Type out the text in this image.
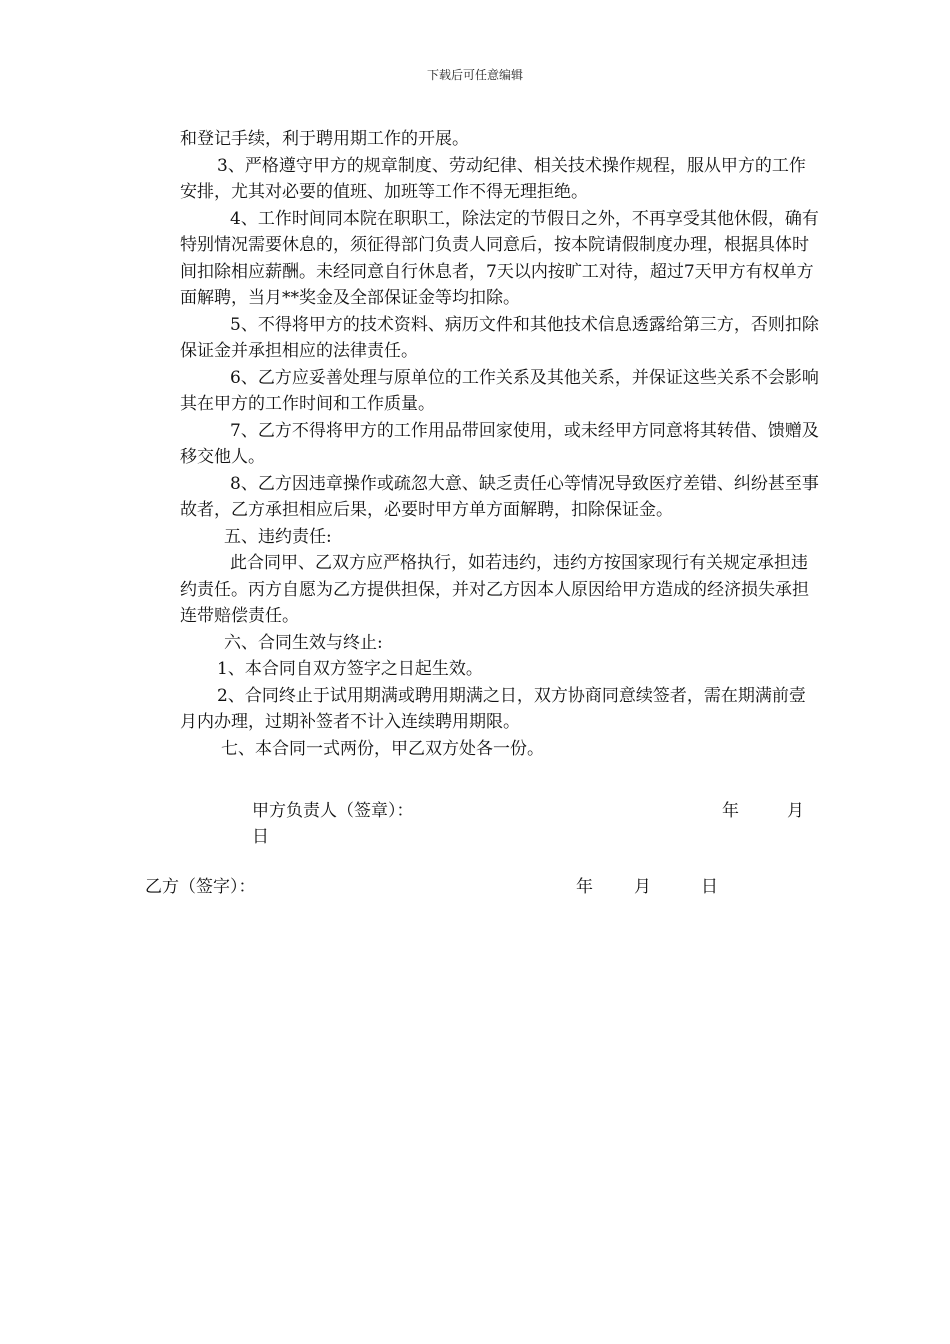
下载后可任意编辑

和登记手续，利于聘用期工作的开展。

3、严格遵守甲方的规章制度、劳动纪律、相关技术操作规程，服从甲方的工作安排，尤其对必要的值班、加班等工作不得无理拒绝。

4、工作时间同本院在职职工，除法定的节假日之外，不再享受其他休假，确有特别情况需要休息的，须征得部门负责人同意后，按本院请假制度办理，根据具体时间扣除相应薪酬。未经同意自行休息者，7天以内按旷工对待，超过7天甲方有权单方面解聘，当月**奖金及全部保证金等均扣除。

5、不得将甲方的技术资料、病历文件和其他技术信息透露给第三方，否则扣除保证金并承担相应的法律责任。

6、乙方应妥善处理与原单位的工作关系及其他关系，并保证这些关系不会影响其在甲方的工作时间和工作质量。

7、乙方不得将甲方的工作用品带回家使用，或未经甲方同意将其转借、馈赠及移交他人。

8、乙方因违章操作或疏忽大意、缺乏责任心等情况导致医疗差错、纠纷甚至事故者，乙方承担相应后果，必要时甲方单方面解聘，扣除保证金。

五、违约责任:

此合同甲、乙双方应严格执行，如若违约，违约方按国家现行有关规定承担违约责任。丙方自愿为乙方提供担保，并对乙方因本人原因给甲方造成的经济损失承担连带赔偿责任。

六、合同生效与终止:

1、本合同自双方签字之日起生效。

2、合同终止于试用期满或聘用期满之日，双方协商同意续签者，需在期满前壹月内办理，过期补签者不计入连续聘用期限。

七、本合同一式两份，甲乙双方处各一份。

甲方负责人（签章）：	年	月
日
乙方（签字）：	年 月	日
